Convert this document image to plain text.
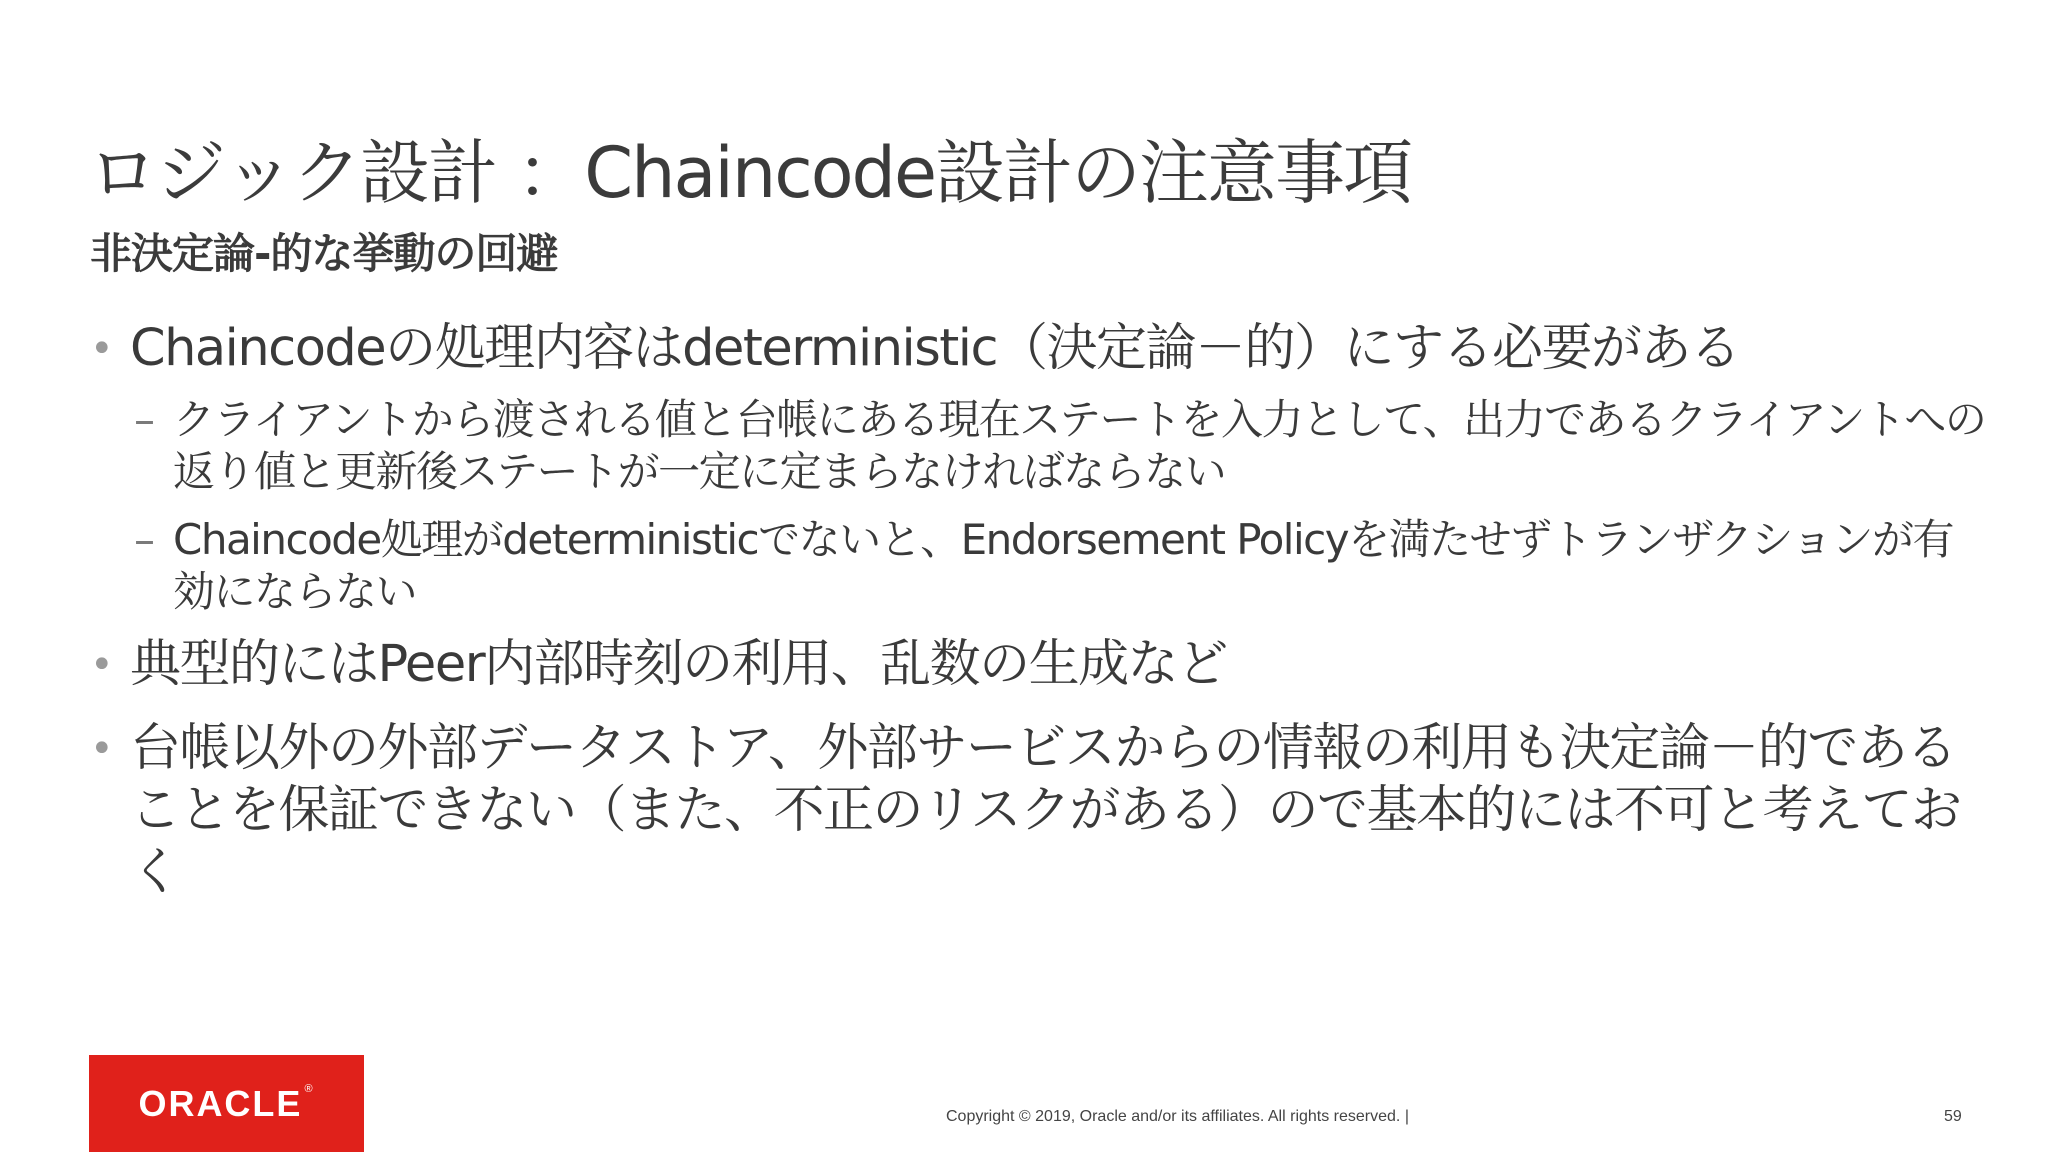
ロジック設計 ：Chaincode設計の注意事項
非決定論-的な挙動の回避
• Chaincodeの処理内容はdeterministic（決定論－的）にする必要がある
– クライアントから渡される値と台帳にある現在ステートを入力として、出力であるクライアントへの返り値と更新後ステートが一定に定まらなければならない
– Chaincode処理がdeterministicでないと、Endorsement Policyを満たせずトランザクションが有効にならない
• 典型的にはPeer内部時刻の利用、乱数の生成など
• 台帳以外の外部データストア、外部サービスからの情報の利用も決定論－的であることを保証できない（また、不正のリスクがある）ので基本的には不可と考えておく
ORACLE ®
Copyright © 2019, Oracle and/or its affiliates. All rights reserved. |	59
